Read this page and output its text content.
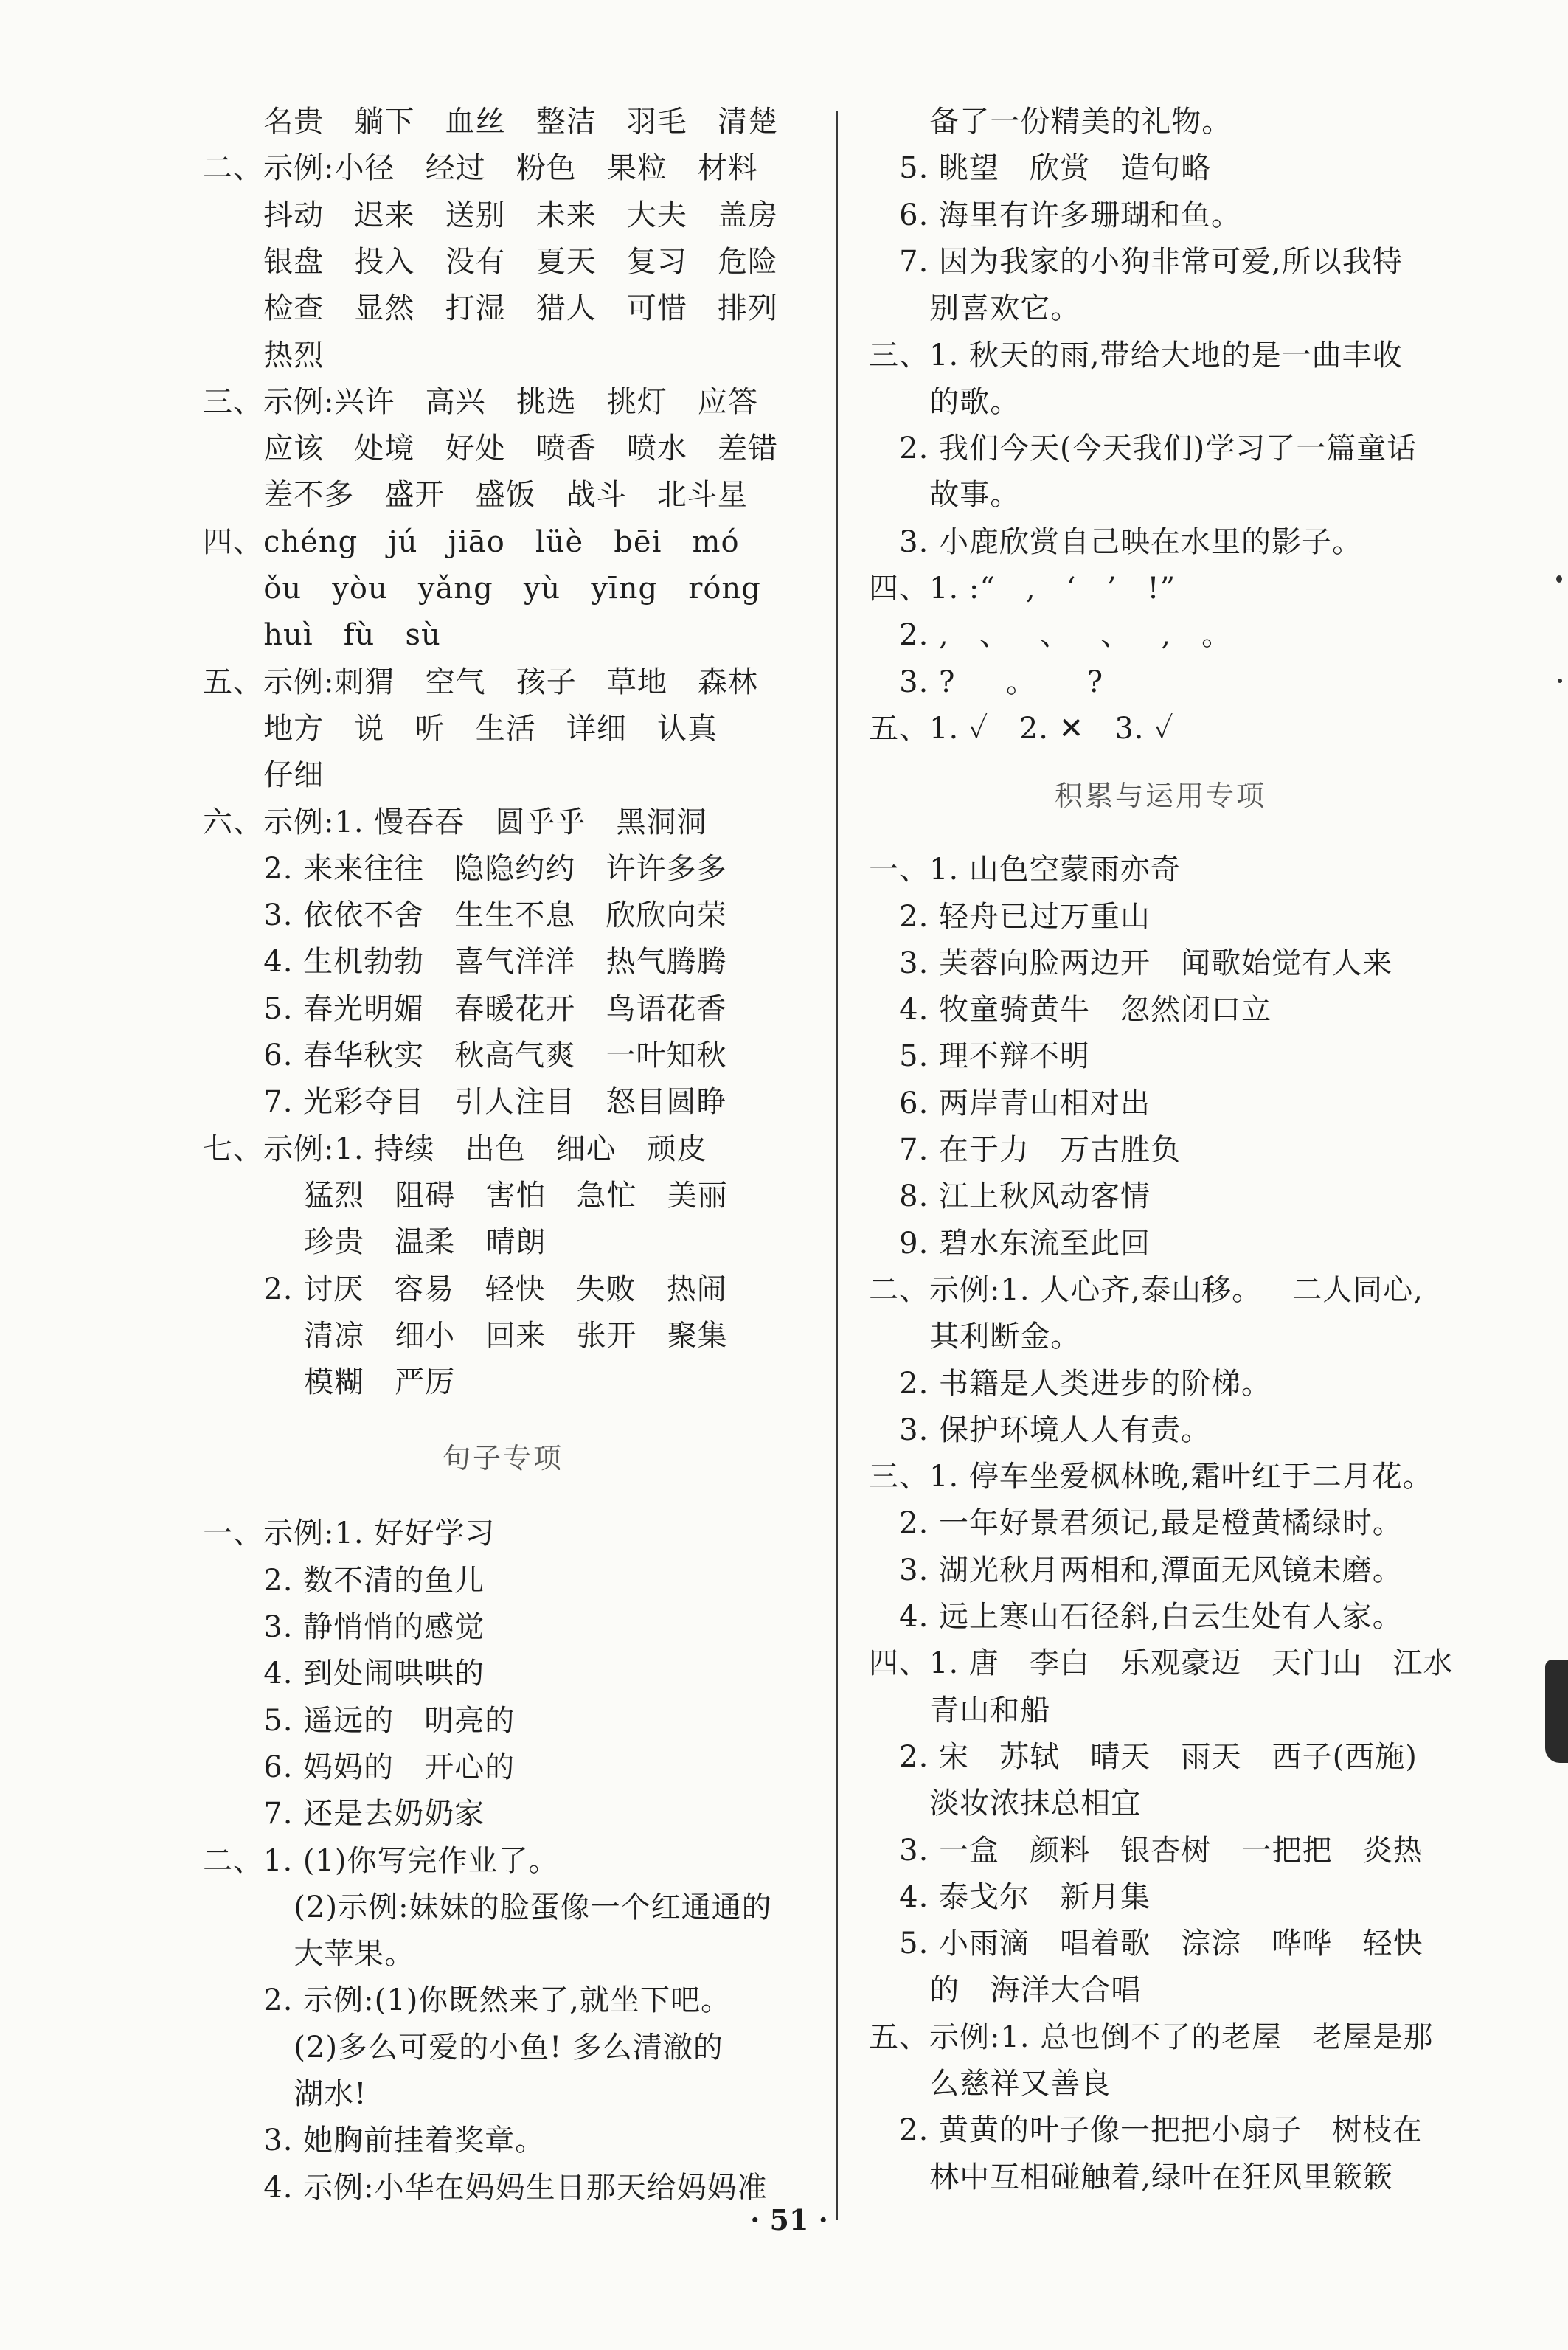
名贵   躺下   血丝   整洁   羽毛   清楚
二、示例:小径   经过   粉色   果粒   材料
抖动   迟来   送别   未来   大夫   盖房
银盘   投入   没有   夏天   复习   危险
检查   显然   打湿   猎人   可惜   排列
热烈
三、示例:兴许   高兴   挑选   挑灯   应答
应该   处境   好处   喷香   喷水   差错
差不多   盛开   盛饭   战斗   北斗星
四、chéng   jú   jiāo   lüè   bēi   mó
ǒu   yòu   yǎng   yù   yīng   róng
huì   fù   sù
五、示例:刺猬   空气   孩子   草地   森林
地方   说   听   生活   详细   认真
仔细
六、示例:1. 慢吞吞   圆乎乎   黑洞洞
2. 来来往往   隐隐约约   许许多多
3. 依依不舍   生生不息   欣欣向荣
4. 生机勃勃   喜气洋洋   热气腾腾
5. 春光明媚   春暖花开   鸟语花香
6. 春华秋实   秋高气爽   一叶知秋
7. 光彩夺目   引人注目   怒目圆睁
七、示例:1. 持续   出色   细心   顽皮
猛烈   阻碍   害怕   急忙   美丽
珍贵   温柔   晴朗
2. 讨厌   容易   轻快   失败   热闹
清凉   细小   回来   张开   聚集
模糊   严厉
句子专项
一、示例:1. 好好学习
2. 数不清的鱼儿
3. 静悄悄的感觉
4. 到处闹哄哄的
5. 遥远的   明亮的
6. 妈妈的   开心的
7. 还是去奶奶家
二、1. (1)你写完作业了。
(2)示例:妹妹的脸蛋像一个红通通的
大苹果。
2. 示例:(1)你既然来了,就坐下吧。
(2)多么可爱的小鱼! 多么清澈的
湖水!
3. 她胸前挂着奖章。
4. 示例:小华在妈妈生日那天给妈妈准
备了一份精美的礼物。
5. 眺望   欣赏   造句略
6. 海里有许多珊瑚和鱼。
7. 因为我家的小狗非常可爱,所以我特
别喜欢它。
三、1. 秋天的雨,带给大地的是一曲丰收
的歌。
2. 我们今天(今天我们)学习了一篇童话
故事。
3. 小鹿欣赏自己映在水里的影子。
四、1. :“   ,   ‘   ’   !”
2. ,   、   、   、   ,   。
3. ?     。     ?
五、1. ✓   2. ✕   3. ✓
积累与运用专项
一、1. 山色空蒙雨亦奇
2. 轻舟已过万重山
3. 芙蓉向脸两边开   闻歌始觉有人来
4. 牧童骑黄牛   忽然闭口立
5. 理不辩不明
6. 两岸青山相对出
7. 在于力   万古胜负
8. 江上秋风动客情
9. 碧水东流至此回
二、示例:1. 人心齐,泰山移。   二人同心,
其利断金。
2. 书籍是人类进步的阶梯。
3. 保护环境人人有责。
三、1. 停车坐爱枫林晚,霜叶红于二月花。
2. 一年好景君须记,最是橙黄橘绿时。
3. 湖光秋月两相和,潭面无风镜未磨。
4. 远上寒山石径斜,白云生处有人家。
四、1. 唐   李白   乐观豪迈   天门山   江水
青山和船
2. 宋   苏轼   晴天   雨天   西子(西施)
淡妆浓抹总相宜
3. 一盒   颜料   银杏树   一把把   炎热
4. 泰戈尔   新月集
5. 小雨滴   唱着歌   淙淙   哗哗   轻快
的   海洋大合唱
五、示例:1. 总也倒不了的老屋   老屋是那
么慈祥又善良
2. 黄黄的叶子像一把把小扇子   树枝在
林中互相碰触着,绿叶在狂风里簌簌
· 51 ·
